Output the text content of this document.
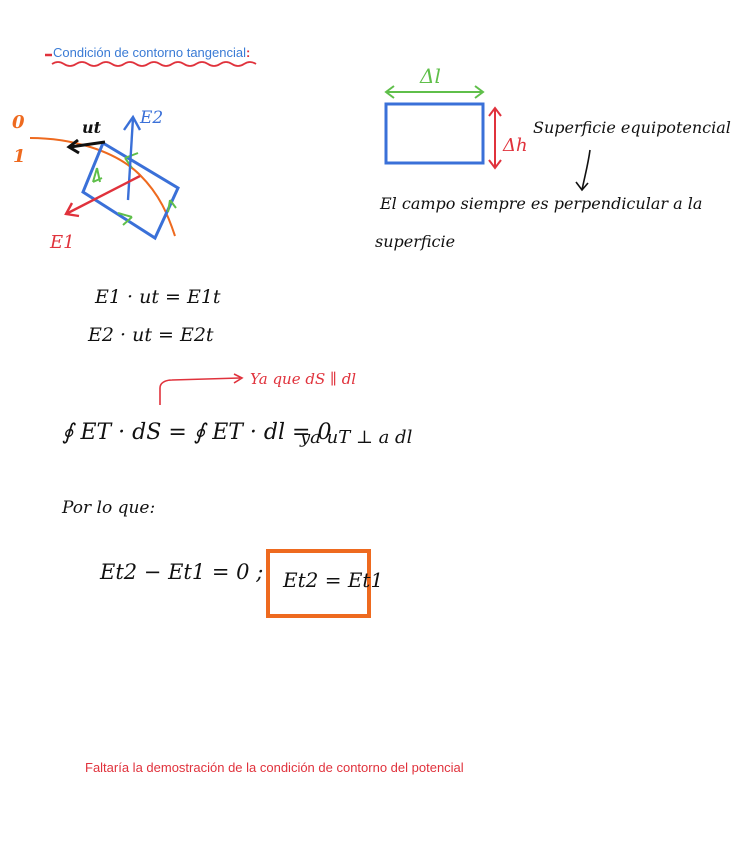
Condición de contorno tangencial:
0
1
ut E2
E1
Δl
Δh
Superficie equipotencial
El campo siempre es perpendicular a la
superficie
E1 · ut = E1t
E2 · ut = E2t
Ya que dS ∥ dl
∮ ET · dS = ∮ ET · dl = 0
ya uT ⊥ a dl
Por lo que:
Et2 − Et1 = 0 ; Et2 = Et1
Faltaría la demostración de la condición de contorno del potencial
